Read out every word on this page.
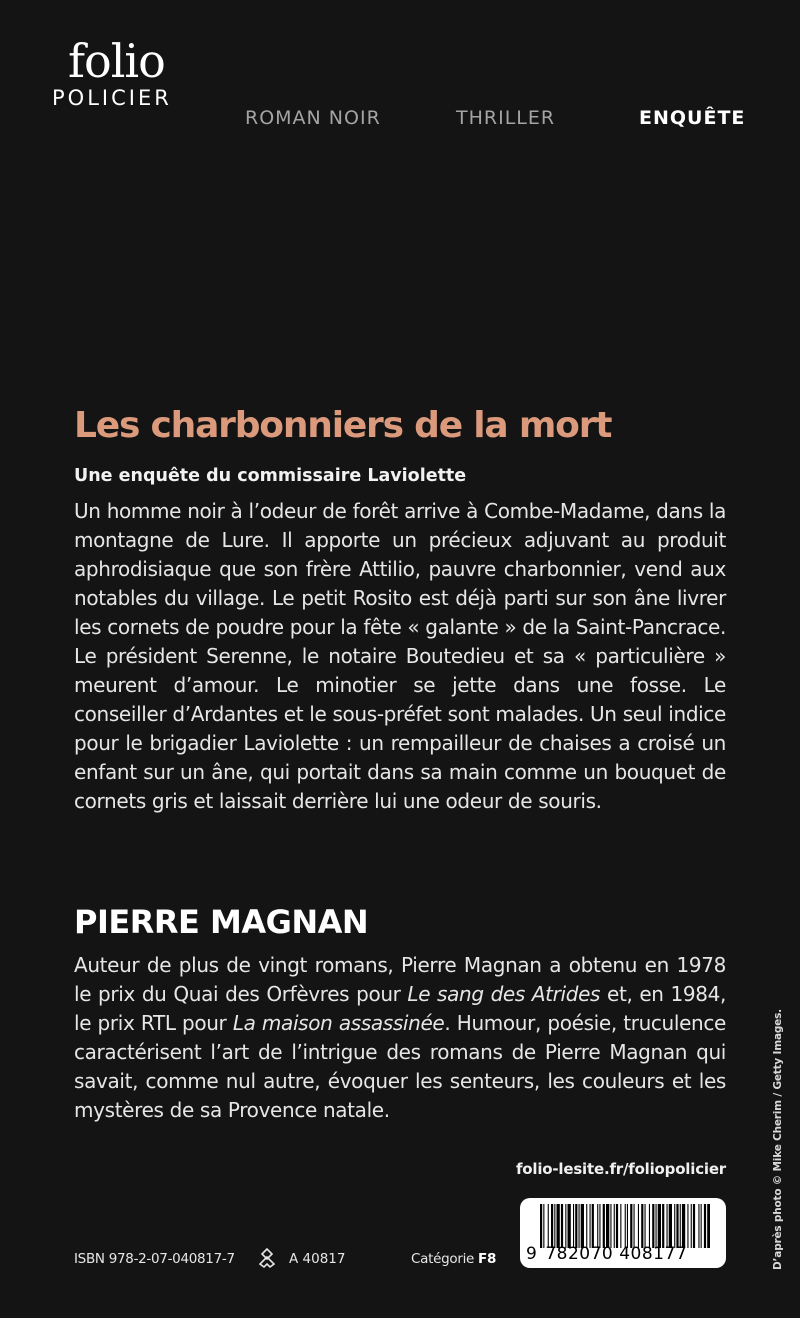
folio
POLICIER
ROMAN NOIR	THRILLER	ENQUÊTE
Les charbonniers de la mort
Une enquête du commissaire Laviolette

Un homme noir à l’odeur de forêt arrive à Combe-Madame, dans la montagne de Lure. Il apporte un précieux adjuvant au produit aphrodisiaque que son frère Attilio, pauvre charbonnier, vend aux notables du village. Le petit Rosito est déjà parti sur son âne livrer les cornets de poudre pour la fête « galante » de la Saint-Pancrace. Le président Serenne, le notaire Boutedieu et sa « particulière » meurent d’amour. Le minotier se jette dans une fosse. Le conseiller d’Ardantes et le sous-préfet sont malades. Un seul indice pour le brigadier Laviolette : un rempailleur de chaises a croisé un enfant sur un âne, qui portait dans sa main comme un bouquet de cornets gris et laissait derrière lui une odeur de souris.

PIERRE MAGNAN

Auteur de plus de vingt romans, Pierre Magnan a obtenu en 1978 le prix du Quai des Orfèvres pour Le sang des Atrides et, en 1984, le prix RTL pour La maison assassinée. Humour, poésie, truculence caractérisent l’art de l’intrigue des romans de Pierre Magnan qui savait, comme nul autre, évoquer les senteurs, les couleurs et les mystères de sa Provence natale.

folio-lesite.fr/foliopolicier
9 782070 408177
ISBN 978-2-07-040817-7	A 40817	Catégorie F8	D’après photo © Mike Cherim / Getty Images.
